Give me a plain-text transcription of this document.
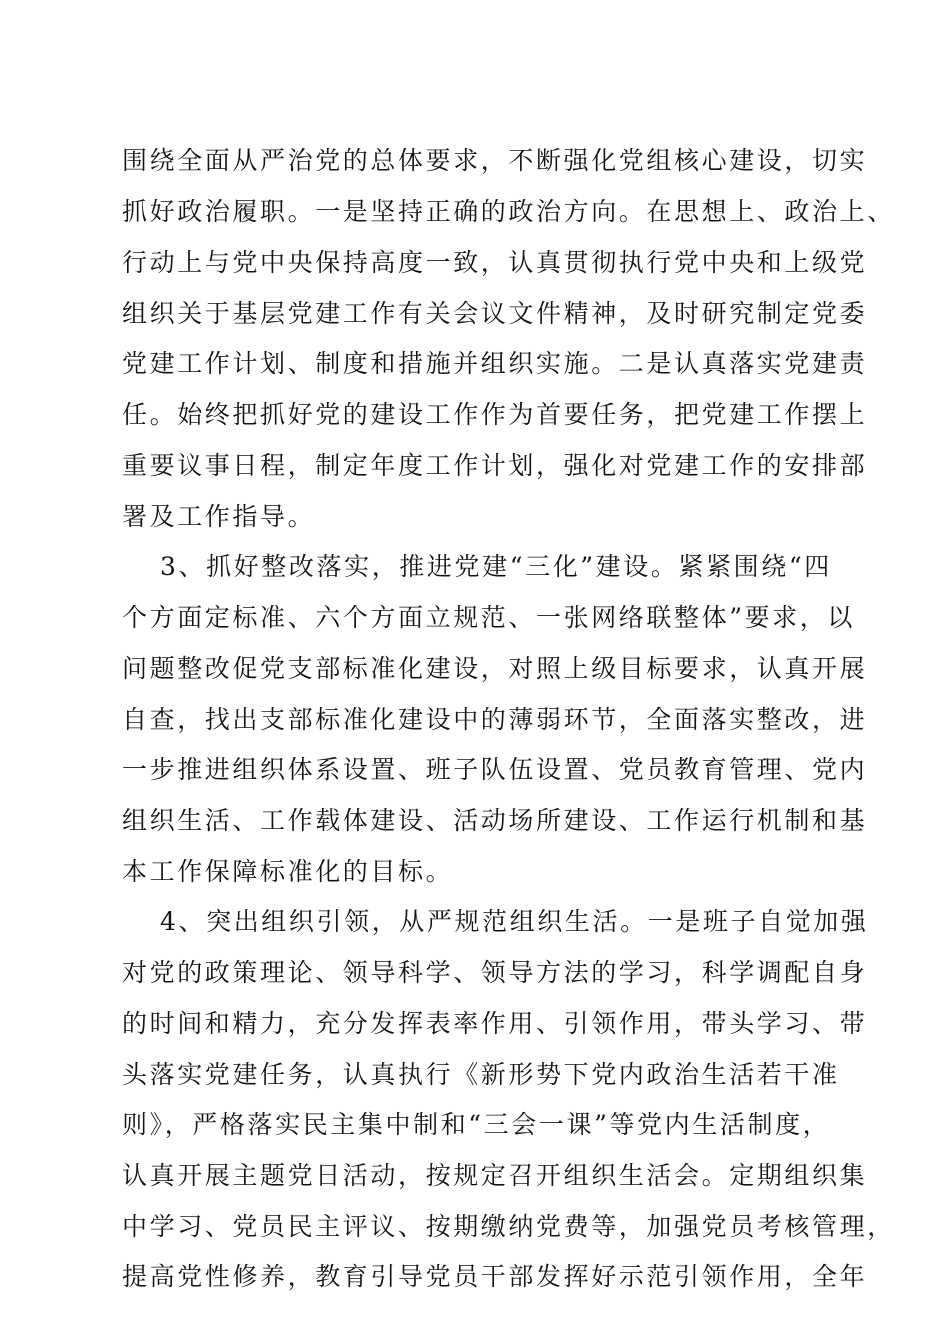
围绕全面从严治党的总体要求，不断强化党组核心建设，切实

抓好政治履职。一是坚持正确的政治方向。在思想上、政治上、

行动上与党中央保持高度一致，认真贯彻执行党中央和上级党

组织关于基层党建工作有关会议文件精神，及时研究制定党委

党建工作计划、制度和措施并组织实施。二是认真落实党建责

任。始终把抓好党的建设工作作为首要任务，把党建工作摆上

重要议事日程，制定年度工作计划，强化对党建工作的安排部

署及工作指导。

3、抓好整改落实，推进党建“三化”建设。紧紧围绕“四

个方面定标准、六个方面立规范、一张网络联整体”要求，以

问题整改促党支部标准化建设，对照上级目标要求，认真开展

自查，找出支部标准化建设中的薄弱环节，全面落实整改，进

一步推进组织体系设置、班子队伍设置、党员教育管理、党内

组织生活、工作载体建设、活动场所建设、工作运行机制和基

本工作保障标准化的目标。

4、突出组织引领，从严规范组织生活。一是班子自觉加强

对党的政策理论、领导科学、领导方法的学习，科学调配自身

的时间和精力，充分发挥表率作用、引领作用，带头学习、带

头落实党建任务，认真执行《新形势下党内政治生活若干准

则》，严格落实民主集中制和“三会一课”等党内生活制度，

认真开展主题党日活动，按规定召开组织生活会。定期组织集

中学习、党员民主评议、按期缴纳党费等，加强党员考核管理，

提高党性修养，教育引导党员干部发挥好示范引领作用，全年
